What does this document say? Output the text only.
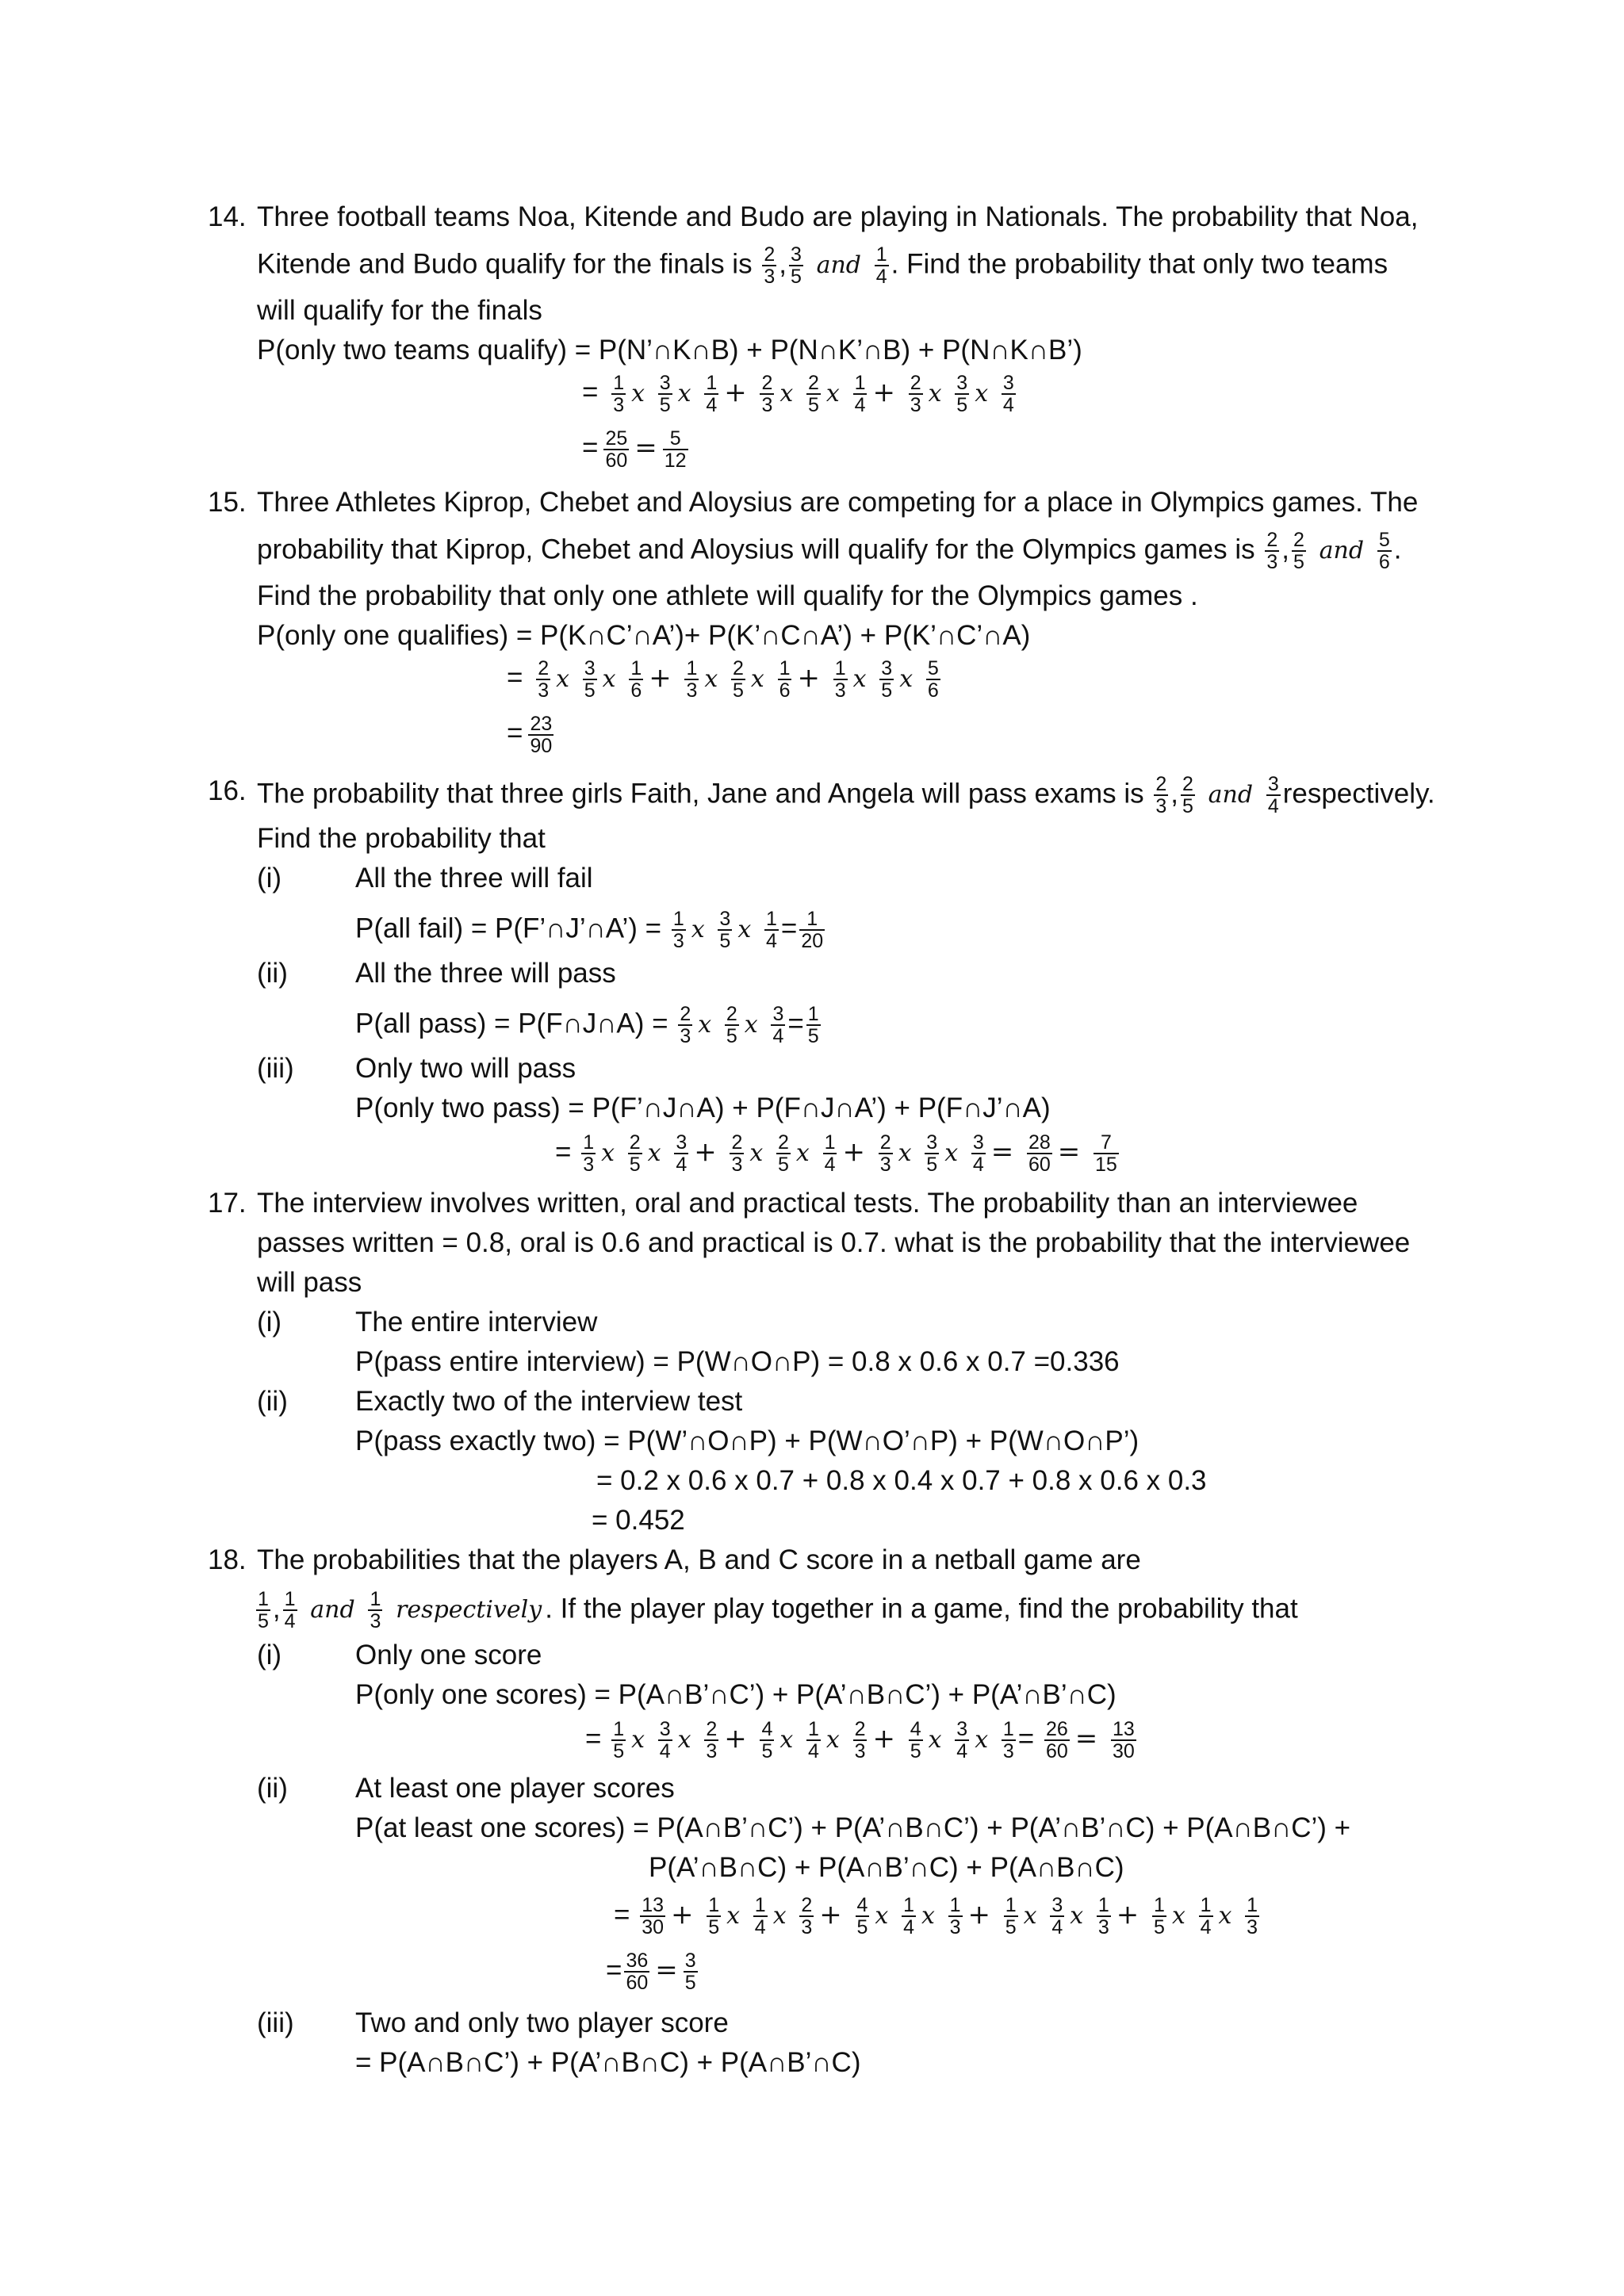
14. Three football teams Noa, Kitende and Budo are playing in Nationals. The probability that Noa,
Kitende and Budo qualify for the finals is $\frac{2}{3}$ , $\frac{3}{5}$ and $\frac{1}{4}$ . Find the probability that only two teams
will qualify for the finals
P(only two teams qualify) = P(N’∩K∩B) + P(N∩K’∩B) + P(N∩K∩B’)
= $\frac{1}{3}$ x $\frac{3}{5}$ x $\frac{1}{4} + \frac{2}{3}$ x $\frac{2}{5}$ x $\frac{1}{4} + \frac{2}{3}$ x $\frac{3}{5}$ x $\frac{3}{4}$
= $\frac{25}{60} = \frac{5}{12}$
15. Three Athletes Kiprop, Chebet and Aloysius are competing for a place in Olympics games. The
probability that Kiprop, Chebet and Aloysius will qualify for the Olympics games is $\frac{2}{3}$ , $\frac{2}{5}$ and $\frac{5}{6}$ .
Find the probability that only one athlete will qualify for the Olympics games .
P(only one qualifies) = P(K∩C’∩A’)+ P(K’∩C∩A’) + P(K’∩C’∩A)
= $\frac{2}{3}$ x $\frac{3}{5}$ x $\frac{1}{6} + \frac{1}{3}$ x $\frac{2}{5}$ x $\frac{1}{6} + \frac{1}{3}$ x $\frac{3}{5}$ x $\frac{5}{6}$
= $\frac{23}{90}$
16. The probability that three girls Faith, Jane and Angela will pass exams is $\frac{2}{3}$ , $\frac{2}{5}$ and $\frac{3}{4}$ respectively.
Find the probability that
(i)	All the three will fail
P(all fail) = P(F’∩J’∩A’) = $\frac{1}{3}$ x $\frac{3}{5}$ x $\frac{1}{4} = \frac{1}{20}$
(ii) All the three will pass
P(all pass) = P(F∩J∩A) = $\frac{2}{3}$ x $\frac{2}{5}$ x $\frac{3}{4} = \frac{1}{5}$
(iii) Only two will pass
P(only two pass) = P(F’∩J∩A) + P(F∩J∩A’) + P(F∩J’∩A)
= $\frac{1}{3}$ x $\frac{2}{5}$ x $\frac{3}{4} + \frac{2}{3}$ x $\frac{2}{5}$ x $\frac{1}{4} + \frac{2}{3}$ x $\frac{3}{5}$ x $\frac{3}{4} = \frac{28}{60} = \frac{7}{15}$
17. The interview involves written, oral and practical tests. The probability than an interviewee
passes written = 0.8, oral is 0.6 and practical is 0.7. what is the probability that the interviewee
will pass
(i)	The entire interview
P(pass entire interview) = P(W∩O∩P) = 0.8 x 0.6 x 0.7 =0.336
(ii) Exactly two of the interview test
P(pass exactly two) = P(W’∩O∩P) + P(W∩O’∩P) + P(W∩O∩P’)
= 0.2 x 0.6 x 0.7 + 0.8 x 0.4 x 0.7 + 0.8 x 0.6 x 0.3
= 0.452
18. The probabilities that the players A, B and C score in a netball game are
$\frac{1}{5}$ , $\frac{1}{4}$ and $\frac{1}{3}$ respectively . If the player play together in a game, find the probability that
(i)	Only one score
P(only one scores) = P(A∩B’∩C’) + P(A’∩B∩C’) + P(A’∩B’∩C)
= $\frac{1}{5}$ x $\frac{3}{4}$ x $\frac{2}{3} + \frac{4}{5}$ x $\frac{1}{4}$ x $\frac{2}{3} + \frac{4}{5}$ x $\frac{3}{4}$ x $\frac{1}{3} = \frac{26}{60} = \frac{13}{30}$
(ii) At least one player scores
P(at least one scores) = P(A∩B’∩C’) + P(A’∩B∩C’) + P(A’∩B’∩C) + P(A∩B∩C’) +
P(A’∩B∩C) + P(A∩B’∩C) + P(A∩B∩C)
= $\frac{13}{30} + \frac{1}{5}$ x $\frac{1}{4}$ x $\frac{2}{3} + \frac{4}{5}$ x $\frac{1}{4}$ x $\frac{1}{3} + \frac{1}{5}$ x $\frac{3}{4}$ x $\frac{1}{3} + \frac{1}{5}$ x $\frac{1}{4}$ x $\frac{1}{3}$
= $\frac{36}{60} = \frac{3}{5}$
(iii) Two and only two player score
= P(A∩B∩C’) + P(A’∩B∩C) + P(A∩B’∩C)
